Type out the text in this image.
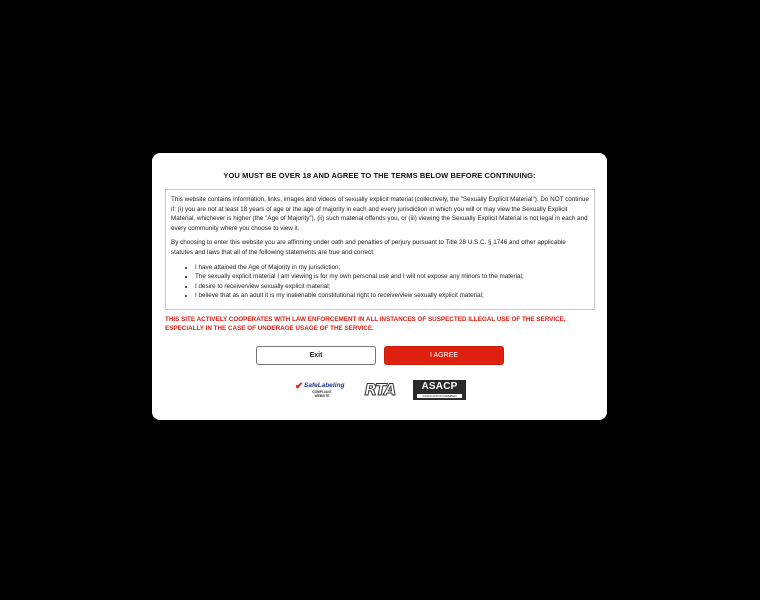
YOU MUST BE OVER 18 AND AGREE TO THE TERMS BELOW BEFORE CONTINUING:

This website contains information, links, images and videos of sexually explicit material (collectively, the "Sexually Explicit Material"). Do NOT continue if: (i) you are not at least 18 years of age or the age of majority in each and every jurisdiction in which you will or may view the Sexually Explicit Material, whichever is higher (the "Age of Majority"), (ii) such material offends you, or (iii) viewing the Sexually Explicit Material is not legal in each and every community where you choose to view it.

By choosing to enter this website you are affirming under oath and penalties of perjury pursuant to Title 28 U.S.C. § 1746 and other applicable statutes and laws that all of the following statements are true and correct:

• I have attained the Age of Majority in my jurisdiction;
• The sexually explicit material I am viewing is for my own personal use and I will not expose any minors to the material;
• I desire to receive/view sexually explicit material;
• I believe that as an adult it is my inalienable constitutional right to receive/view sexually explicit material;
THIS SITE ACTIVELY COOPERATES WITH LAW ENFORCEMENT IN ALL INSTANCES OF SUSPECTED ILLEGAL USE OF THE SERVICE, ESPECIALLY IN THE CASE OF UNDERAGE USAGE OF THE SERVICE.
Exit	I AGREE
✔ SafeLabeling
COMPLIANT WEBSITE	RTA	ASACP
ASSOCIATION MEMBER
